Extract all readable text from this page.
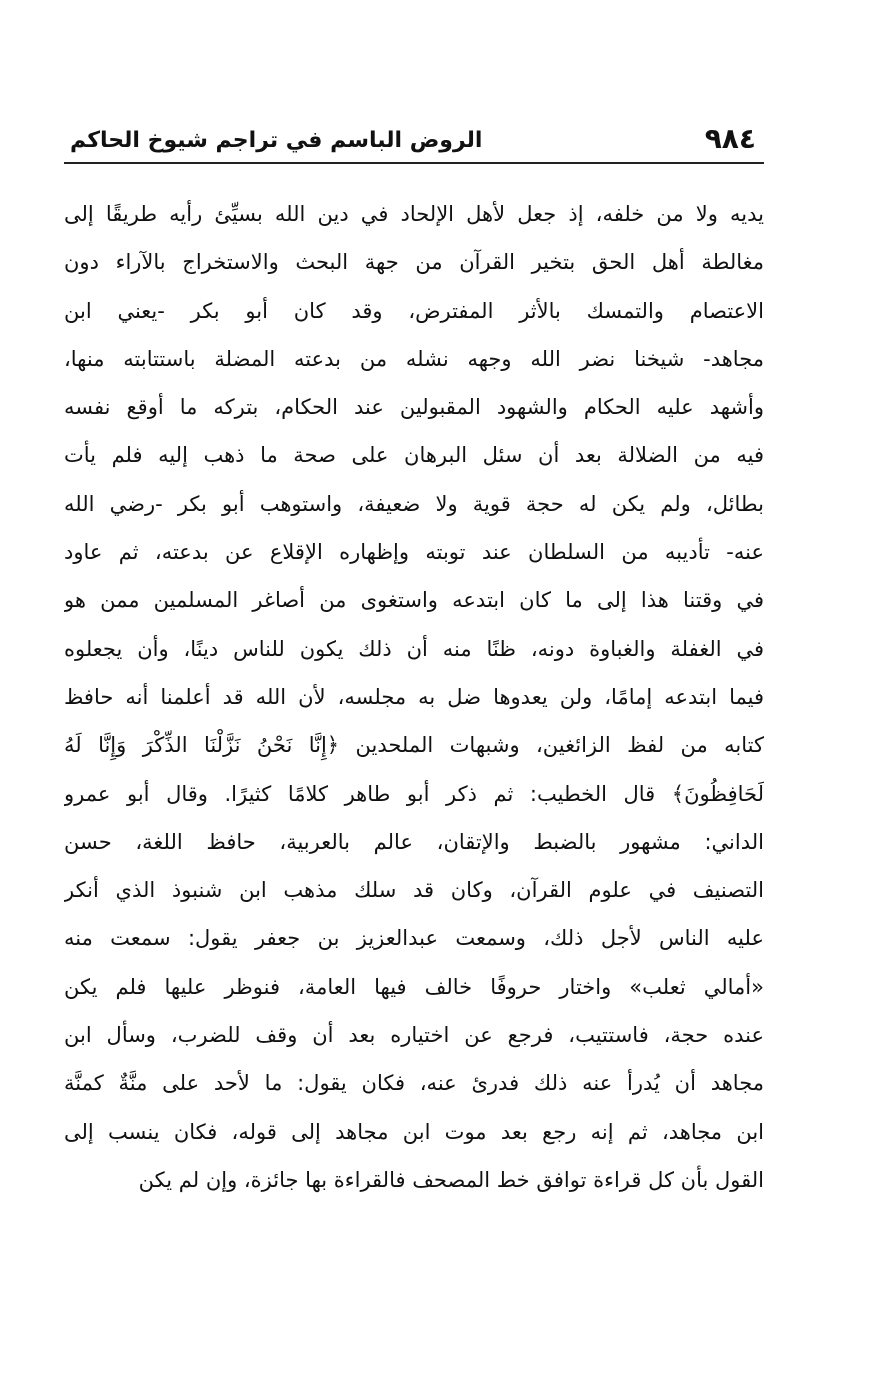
٩٨٤
الروض الباسم في تراجم شيوخ الحاكم
يديه ولا من خلفه، إذ جعل لأهل الإلحاد في دين الله بسيِّئ رأيه طريقًا إلى
مغالطة أهل الحق بتخير القرآن من جهة البحث والاستخراج بالآراء دون
الاعتصام والتمسك بالأثر المفترض، وقد كان أبو بكر -يعني ابن
مجاهد- شيخنا نضر الله وجهه نشله من بدعته المضلة باستتابته منها،
وأشهد عليه الحكام والشهود المقبولين عند الحكام، بتركه ما أوقع نفسه
فيه من الضلالة بعد أن سئل البرهان على صحة ما ذهب إليه فلم يأت
بطائل، ولم يكن له حجة قوية ولا ضعيفة، واستوهب أبو بكر -رضي الله
عنه- تأديبه من السلطان عند توبته وإظهاره الإقلاع عن بدعته، ثم عاود
في وقتنا هذا إلى ما كان ابتدعه واستغوى من أصاغر المسلمين ممن هو
في الغفلة والغباوة دونه، ظنًا منه أن ذلك يكون للناس دينًا، وأن يجعلوه
فيما ابتدعه إمامًا، ولن يعدوها ضل به مجلسه، لأن الله قد أعلمنا أنه حافظ
كتابه من لفظ الزائغين، وشبهات الملحدين ﴿إِنَّا نَحْنُ نَزَّلْنَا الذِّكْرَ وَإِنَّا لَهُ
لَحَافِظُونَ﴾ قال الخطيب: ثم ذكر أبو طاهر كلامًا كثيرًا. وقال أبو عمرو
الداني: مشهور بالضبط والإتقان، عالم بالعربية، حافظ اللغة، حسن
التصنيف في علوم القرآن، وكان قد سلك مذهب ابن شنبوذ الذي أنكر
عليه الناس لأجل ذلك، وسمعت عبدالعزيز بن جعفر يقول: سمعت منه
«أمالي ثعلب» واختار حروفًا خالف فيها العامة، فنوظر عليها فلم يكن
عنده حجة، فاستتيب، فرجع عن اختياره بعد أن وقف للضرب، وسأل ابن
مجاهد أن يُدرأ عنه ذلك فدرئ عنه، فكان يقول: ما لأحد على منَّةٌ كمنَّة
ابن مجاهد، ثم إنه رجع بعد موت ابن مجاهد إلى قوله، فكان ينسب إلى
القول بأن كل قراءة توافق خط المصحف فالقراءة بها جائزة، وإن لم يكن
